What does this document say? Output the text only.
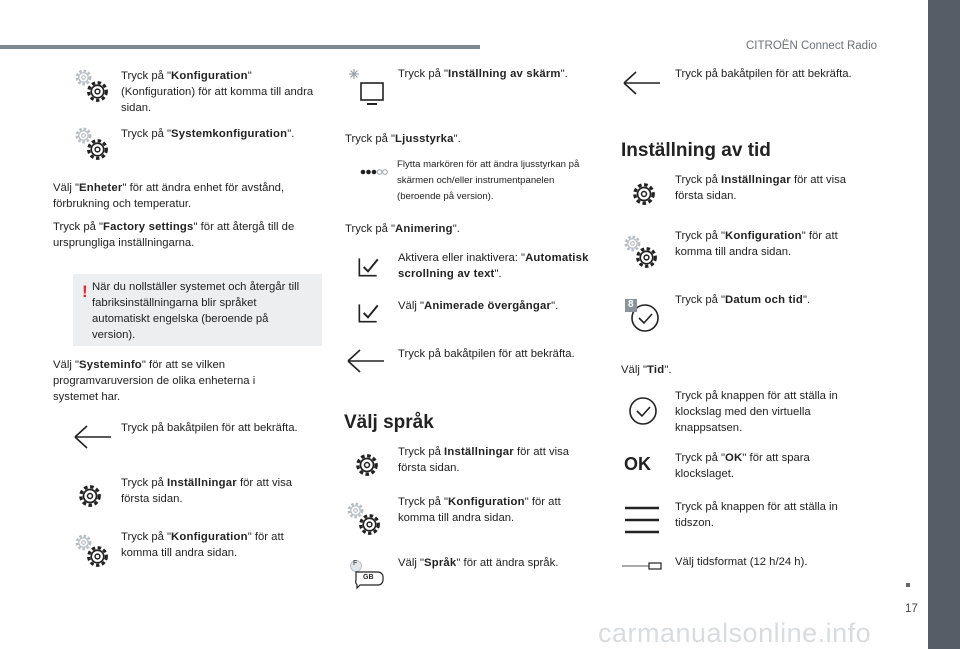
CITROËN Connect Radio
Tryck på "Konfiguration" (Konfiguration) för att komma till andra sidan.
Tryck på "Systemkonfiguration".
Välj "Enheter" för att ändra enhet för avstånd, förbrukning och temperatur.
Tryck på "Factory settings" för att återgå till de ursprungliga inställningarna.
! När du nollställer systemet och återgår till fabriksinställningarna blir språket automatiskt engelska (beroende på version).
Välj "Systeminfo" för att se vilken programvaruversion de olika enheterna i systemet har.
Tryck på bakåtpilen för att bekräfta.
Tryck på Inställningar för att visa första sidan.
Tryck på "Konfiguration" för att komma till andra sidan.
Tryck på "Inställning av skärm".
Tryck på "Ljusstyrka".
Flytta markören för att ändra ljusstyrkan på skärmen och/eller instrumentpanelen (beroende på version).
Tryck på "Animering".
Aktivera eller inaktivera: "Automatisk scrollning av text".
Välj "Animerade övergångar".
Tryck på bakåtpilen för att bekräfta.
Välj språk
Tryck på Inställningar för att visa första sidan.
Tryck på "Konfiguration" för att komma till andra sidan.
F
GB
Välj "Språk" för att ändra språk.
Tryck på bakåtpilen för att bekräfta.
Inställning av tid
Tryck på Inställningar för att visa första sidan.
Tryck på "Konfiguration" för att komma till andra sidan.
8	Tryck på "Datum och tid".
Välj "Tid".
Tryck på knappen för att ställa in klockslag med den virtuella knappsatsen.
OK Tryck på "OK" för att spara klockslaget.
Tryck på knappen för att ställa in tidszon.
Välj tidsformat (12 h/24 h).
17
carmanualsonline.info
